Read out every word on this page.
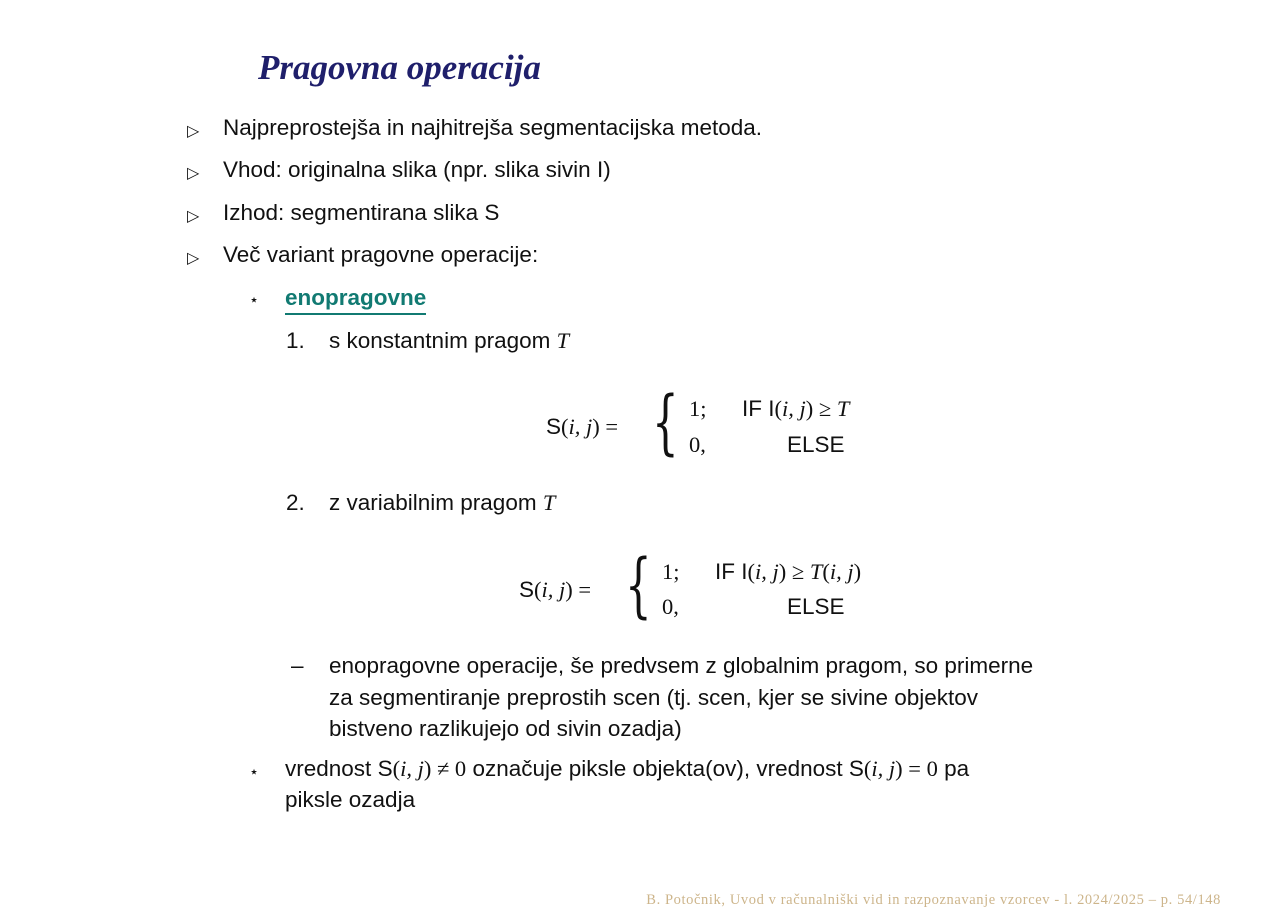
Pragovna operacija
▷ Najpreprostejša in najhitrejša segmentacijska metoda.
▷ Vhod: originalna slika (npr. slika sivin I)
▷ Izhod: segmentirana slika S
▷ Več variant pragovne operacije:
⋆ enopragovne
1. s konstantnim pragom T
S(i, j) = { 1; IF I(i, j) ≥ T
0,	ELSE
2. z variabilnim pragom T
S(i, j) = { 1; IF I(i, j) ≥ T(i, j)
0,	ELSE
– enopragovne operacije, še predvsem z globalnim pragom, so primerne
za segmentiranje preprostih scen (tj. scen, kjer se sivine objektov
bistveno razlikujejo od sivin ozadja)
⋆ vrednost S(i, j) ≠ 0 označuje piksle objekta(ov), vrednost S(i, j) = 0 pa
piksle ozadja
B. Potočnik, Uvod v računalniški vid in razpoznavanje vzorcev - l. 2024/2025 – p. 54/148
